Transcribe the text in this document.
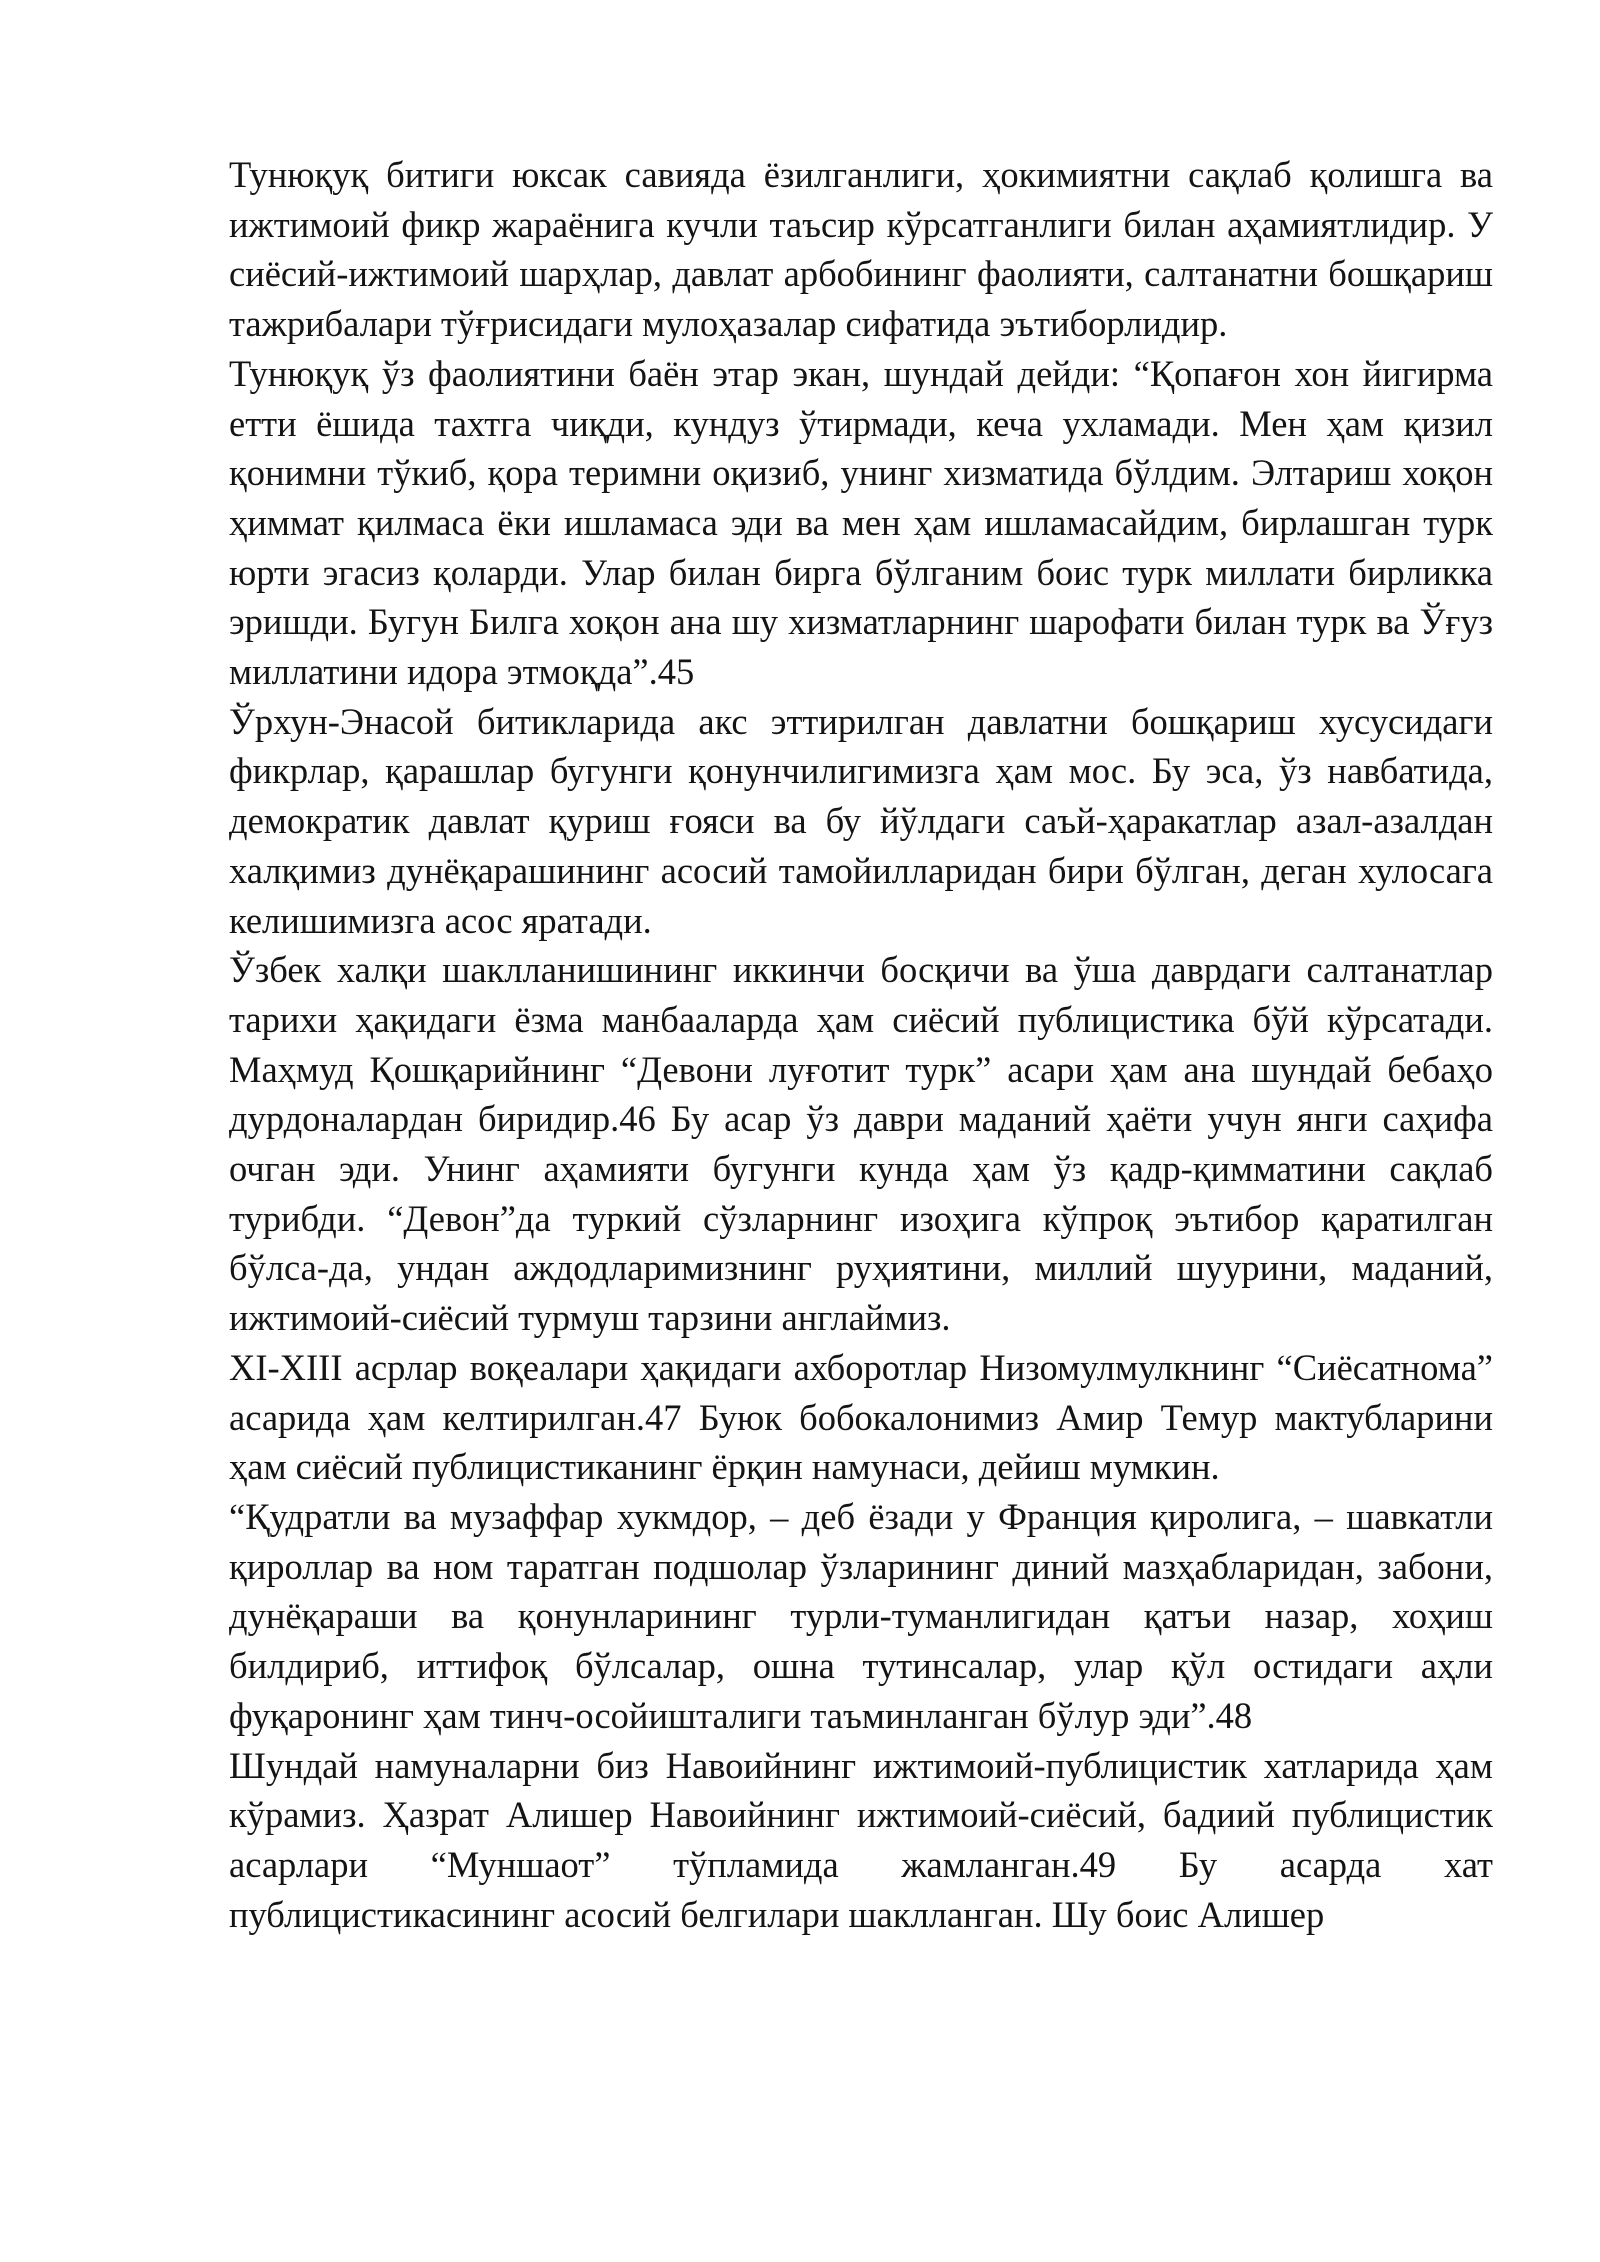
Тунюқуқ битиги юксак савияда ёзилганлиги, ҳокимиятни сақлаб қолишга ва ижтимоий фикр жараёнига кучли таъсир кўрсатганлиги билан аҳамиятлидир. У сиёсий-ижтимоий шарҳлар, давлат арбобининг фаолияти, салтанатни бошқариш тажрибалари тўғрисидаги мулоҳазалар сифатида эътиборлидир.

Тунюқуқ ўз фаолиятини баён этар экан, шундай дейди: “Қопағон хон йигирма етти ёшида тахтга чиқди, кундуз ўтирмади, кеча ухламади. Мен ҳам қизил қонимни тўкиб, қора теримни оқизиб, унинг хизматида бўлдим. Элтариш хоқон ҳиммат қилмаса ёки ишламаса эди ва мен ҳам ишламасайдим, бирлашган турк юрти эгасиз қоларди. Улар билан бирга бўлганим боис турк миллати бирликка эришди. Бугун Билга хоқон ана шу хизматларнинг шарофати билан турк ва Ўғуз миллатини идора этмоқда”.45

Ўрхун-Энасой битикларида акс эттирилган давлатни бошқариш хусусидаги фикрлар, қарашлар бугунги қонунчилигимизга ҳам мос. Бу эса, ўз навбатида, демократик давлат қуриш ғояси ва бу йўлдаги саъй-ҳаракатлар азал-азалдан халқимиз дунёқарашининг асосий тамойилларидан бири бўлган, деган хулосага келишимизга асос яратади.

Ўзбек халқи шаклланишининг иккинчи босқичи ва ўша даврдаги салтанатлар тарихи ҳақидаги ёзма манбааларда ҳам сиёсий публицистика бўй кўрсатади. Маҳмуд Қошқарийнинг “Девони луғотит турк” асари ҳам ана шундай бебаҳо дурдоналардан биридир.46 Бу асар ўз даври маданий ҳаёти учун янги саҳифа очган эди. Унинг аҳамияти бугунги кунда ҳам ўз қадр-қимматини сақлаб турибди. “Девон”да туркий сўзларнинг изоҳига кўпроқ эътибор қаратилган бўлса-да, ундан аждодларимизнинг руҳиятини, миллий шуурини, маданий, ижтимоий-сиёсий турмуш тарзини англаймиз.

XI-XIII асрлар воқеалари ҳақидаги ахборотлар Низомулмулкнинг “Сиёсатнома” асарида ҳам келтирилган.47 Буюк бобокалонимиз Амир Темур мактубларини ҳам сиёсий публицистиканинг ёрқин намунаси, дейиш мумкин.

“Қудратли ва музаффар хукмдор, – деб ёзади у Франция қиролига, – шавкатли қироллар ва ном таратган подшолар ўзларининг диний мазҳабларидан, забони, дунёқараши ва қонунларининг турли-туманлигидан қатъи назар, хоҳиш билдириб, иттифоқ бўлсалар, ошна тутинсалар, улар қўл остидаги аҳли фуқаронинг ҳам тинч-осойишталиги таъминланган бўлур эди”.48

Шундай намуналарни биз Навоийнинг ижтимоий-публицистик хатларида ҳам кўрамиз. Ҳазрат Алишер Навоийнинг ижтимоий-сиёсий, бадиий публицистик асарлари “Муншаот” тўпламида жамланган.49 Бу асарда хат публицистикасининг асосий белгилари шаклланган. Шу боис Алишер
